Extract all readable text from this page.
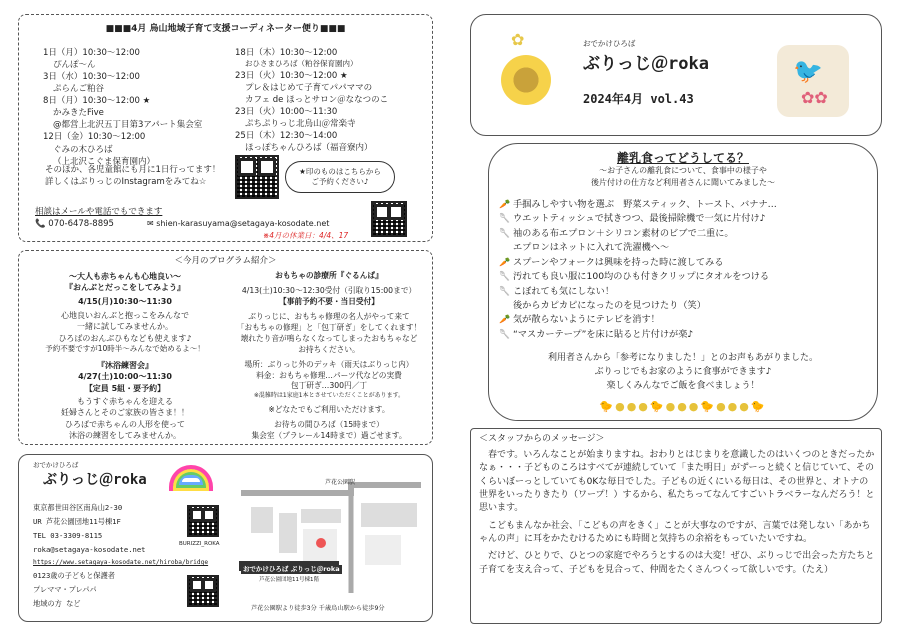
■■■4月 烏山地域子育て支援コーディネーター便り■■■
1日（月）10:30～12:00
ぴんぽ～ん
3日（水）10:30～12:00
ぷらんご粕谷
8日（月）10:30～12:00 ★
かみきたFive
@都営上北沢五丁目第3アパート集会室
12日（金）10:30～12:00
ぐみの木ひろば
（上北沢こぐま保育園内）
18日（木）10:30～12:00
おひさまひろば（粕谷保育園内）
23日（火）10:30～12:00 ★
プレ＆はじめて子育てパパママの
カフェ de ほっとサロン＠ななつのこ
23日（火）10:00～11:30
ぷちぷりっじ北烏山＠常楽寺
25日（木）12:30～14:00
ほっぽちゃんひろば（福音寮内）
そのほか、各児童館にも月に1日行ってます！
詳しくはぶりっじのInstagramをみてね☆
★印のものはこちらから
ご予約ください♪
相談はメールや電話でもできます
📞 070-6478-8895	✉ shien-karasuyama@setagaya-kosodate.net
※4月の休業日：4/4、17
＜今月のプログラム紹介＞
～大人も赤ちゃんも心地良い～
『おんぶとだっこをしてみよう』
4/15(月)10:30～11:30
心地良いおんぶと抱っこをみんなで
一緒に試してみませんか。
ひろばのおんぶひもなども使えます♪
予約不要ですが10時半～みんなで始めるよ～！
『沐浴練習会』
4/27(土)10:00～11:30
【定員 5組・要予約】
もうすぐ赤ちゃんを迎える
妊婦さんとそのご家族の皆さま！！
ひろばで赤ちゃんの人形を使って
沐浴の練習をしてみませんか。
おもちゃの診療所『ぐるんぱ』
4/13(土)10:30～12:30受付（引取り15:00まで）
【事前予約不要・当日受付】
ぶりっじに、おもちゃ修理の名人がやって来て
「おもちゃの修理」と「包丁研ぎ」をしてくれます！
壊れたり音が鳴らなくなってしまったおもちゃなど
お持ちください。
場所：ぶりっじ外のデッキ（雨天はぶりっじ内）
料金：おもちゃ修理…パーツ代などの実費
包丁研ぎ…300円／丁
※混雑時は1家庭1本とさせていただくことがあります。
※どなたでもご利用いただけます。
お待ちの間ひろば（15時まで）
集会室（プラレール14時まで）過ごせます。
おでかけひろば
ぶりっじ＠roka
東京都世田谷区南烏山2-30
UR 芦花公園団地11号棟1F
TEL 03-3309-8115
roka@setagaya-kosodate.net
https://www.setagaya-kosodate.net/hiroba/bridge
0123歳の子どもと保護者
プレママ・プレパパ
地域の方 など
BURIZZI_ROKA
芦花公園駅
おでかけひろば ぶりっじ＠roka
芦花公園団地11号棟1階
芦花公園駅より徒歩3分 千歳烏山駅から徒歩9分
✿	おでかけひろば
ぶりっじ＠roka
2024年4月 vol.43
🐦
✿✿
離乳食ってどうしてる？
～お子さんの離乳食について、食事中の様子や
後片付けの仕方など利用者さんに聞いてみました～
🥕 手掴みしやすい物を選ぶ　野菜スティック、トースト、バナナ…
🥄 ウエットティッシュで拭きつつ、最後掃除機で一気に片付け♪
🥄 袖のある布エプロン＋シリコン素材のビブで二重に。
エプロンはネットに入れて洗濯機へ～
🥕 スプーンやフォークは興味を持った時に渡してみる
🥄 汚れても良い服に100均のひも付きクリップにタオルをつける
🥄 こぼれても気にしない！
後からカピカピになったのを見つけたり（笑）
🥕 気が散らないようにテレビを消す！
🥄 “マスカーテープ”を床に貼ると片付けが楽♪
利用者さんから「参考になりました！」とのお声もあがりました。
ぶりっじでもお家のように食事ができます♪
楽しくみんなでご飯を食べましょう！
🐤●●●🐤●●●🐤●●●🐤
＜スタッフからのメッセージ＞

春です。いろんなことが始まりますね。おわりとはじまりを意識したのはいくつのときだったかなぁ・・・子どものころはすべてが連続していて「また明日」がずーっと続くと信じていて、そのくらいぼーっとしていても0Kな毎日でした。子どもの近くにいる毎日は、その世界と、オトナの世界をいったりきたり（ワープ！）するから、私たちってなんてすごいトラベラーなんだろう！と思います。

こどもまんなか社会、「こどもの声をきく」ことが大事なのですが、言葉では発しない「あかちゃんの声」に耳をかたむけるためにも時間と気持ちの余裕をもっていたいですね。

だけど、ひとりで、ひとつの家庭でやろうとするのは大変！ぜひ、ぶりっじで出会った方たちと子育てを支え合って、子どもを見合って、仲間をたくさんつくって欲しいです。（たえ）
